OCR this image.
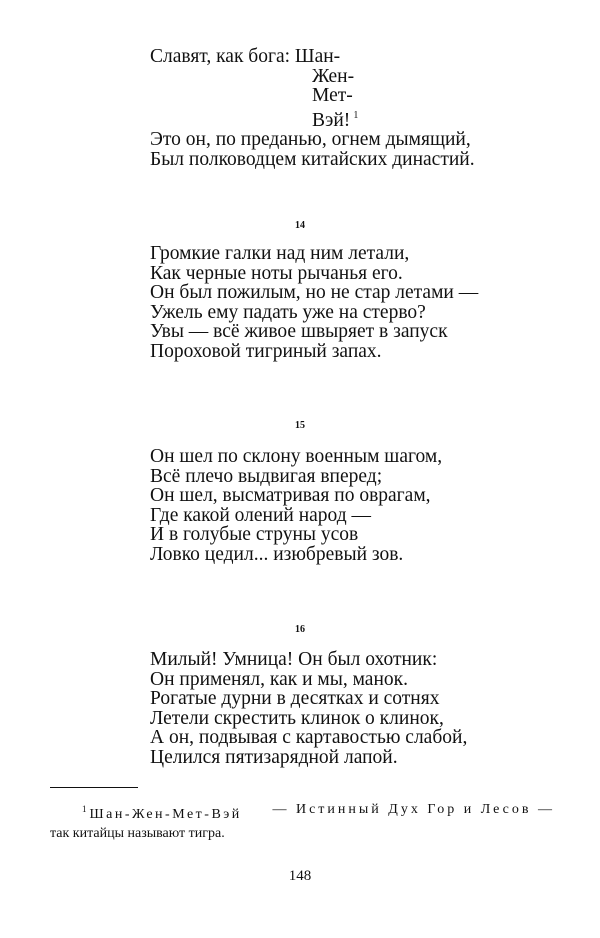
Славят, как бога: Шан-
Жен-
Мет-
Вэй! $^1$
Это он, по преданью, огнем дымящий,
Был полководцем китайских династий.

14

Громкие галки над ним летали,
Как черные ноты рычанья его.
Он был пожилым, но не стар летами —
Ужель ему падать уже на стерво?
Увы — всё живое швыряет в запуск
Пороховой тигриный запах.

15

Он шел по склону военным шагом,
Всё плечо выдвигая вперед;
Он шел, высматривая по оврагам,
Где какой олений народ —
И в голубые струны усов
Ловко цедил... изюбревый зов.

16

Милый! Умница! Он был охотник:
Он применял, как и мы, манок.
Рогатые дурни в десятках и сотнях
Летели скрестить клинок о клинок,
А он, подвывая с картавостью слабой,
Целился пятизарядной лапой.

$^1$ Шан-Жен-Мет-Вэй — Истинный Дух Гор и Лесов —
так китайцы называют тигра.

148
